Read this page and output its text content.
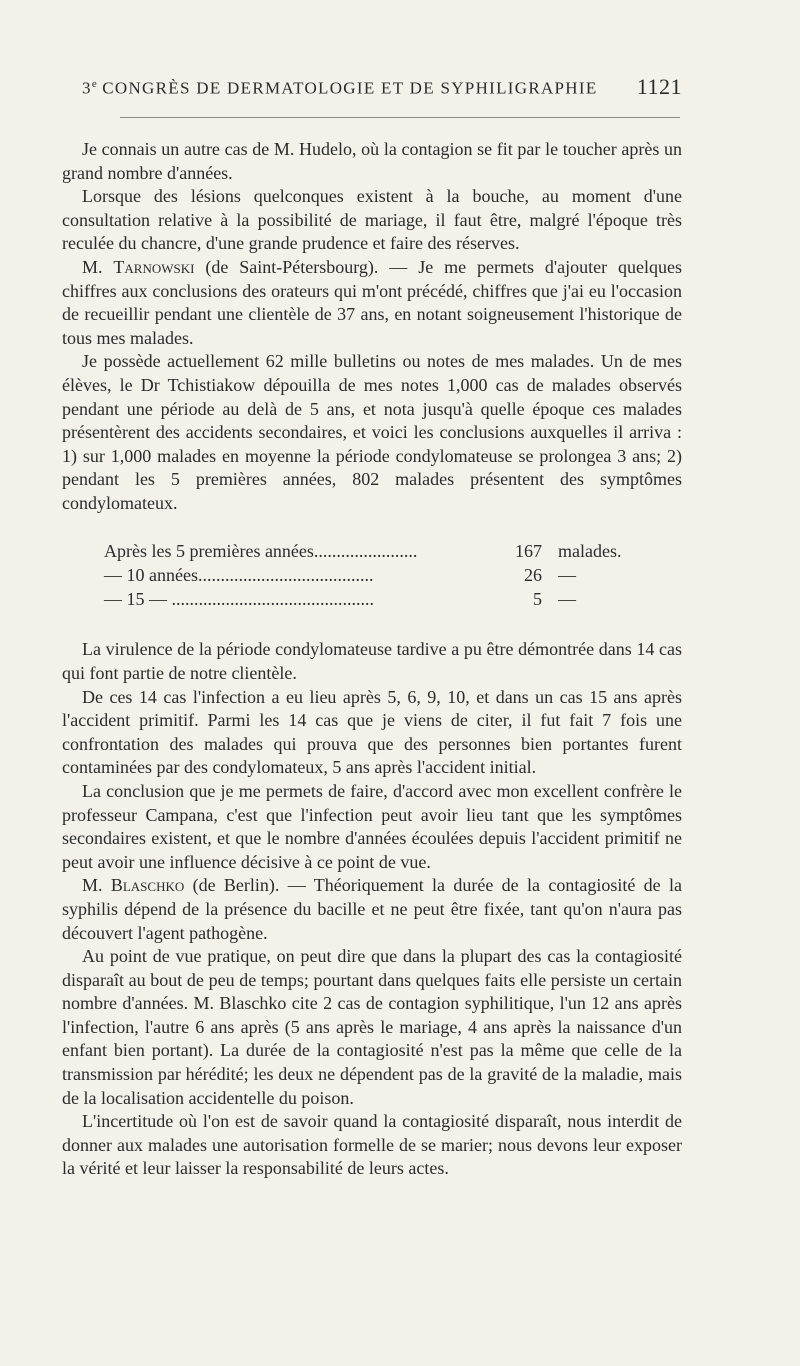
3e CONGRÈS DE DERMATOLOGIE ET DE SYPHILIGRAPHIE 1121

Je connais un autre cas de M. Hudelo, où la contagion se fit par le toucher après un grand nombre d'années.

Lorsque des lésions quelconques existent à la bouche, au moment d'une consultation relative à la possibilité de mariage, il faut être, malgré l'époque très reculée du chancre, d'une grande prudence et faire des réserves.

M. Tarnowski (de Saint-Pétersbourg). — Je me permets d'ajouter quelques chiffres aux conclusions des orateurs qui m'ont précédé, chiffres que j'ai eu l'occasion de recueillir pendant une clientèle de 37 ans, en notant soigneusement l'historique de tous mes malades.

Je possède actuellement 62 mille bulletins ou notes de mes malades. Un de mes élèves, le Dr Tchistiakow dépouilla de mes notes 1,000 cas de malades observés pendant une période au delà de 5 ans, et nota jusqu'à quelle époque ces malades présentèrent des accidents secondaires, et voici les conclusions auxquelles il arriva : 1) sur 1,000 malades en moyenne la période condylomateuse se prolongea 3 ans; 2) pendant les 5 premières années, 802 malades présentent des symptômes condylomateux.

Après les 5 premières années.......................	167 malades.
— 10 années.......................................	26 —
— 15 — .............................................	5 —

La virulence de la période condylomateuse tardive a pu être démontrée dans 14 cas qui font partie de notre clientèle.

De ces 14 cas l'infection a eu lieu après 5, 6, 9, 10, et dans un cas 15 ans après l'accident primitif. Parmi les 14 cas que je viens de citer, il fut fait 7 fois une confrontation des malades qui prouva que des personnes bien portantes furent contaminées par des condylomateux, 5 ans après l'accident initial.

La conclusion que je me permets de faire, d'accord avec mon excellent confrère le professeur Campana, c'est que l'infection peut avoir lieu tant que les symptômes secondaires existent, et que le nombre d'années écoulées depuis l'accident primitif ne peut avoir une influence décisive à ce point de vue.

M. Blaschko (de Berlin). — Théoriquement la durée de la contagiosité de la syphilis dépend de la présence du bacille et ne peut être fixée, tant qu'on n'aura pas découvert l'agent pathogène.

Au point de vue pratique, on peut dire que dans la plupart des cas la contagiosité disparaît au bout de peu de temps; pourtant dans quelques faits elle persiste un certain nombre d'années. M. Blaschko cite 2 cas de contagion syphilitique, l'un 12 ans après l'infection, l'autre 6 ans après (5 ans après le mariage, 4 ans après la naissance d'un enfant bien portant). La durée de la contagiosité n'est pas la même que celle de la transmission par hérédité; les deux ne dépendent pas de la gravité de la maladie, mais de la localisation accidentelle du poison.

L'incertitude où l'on est de savoir quand la contagiosité disparaît, nous interdit de donner aux malades une autorisation formelle de se marier; nous devons leur exposer la vérité et leur laisser la responsabilité de leurs actes.
